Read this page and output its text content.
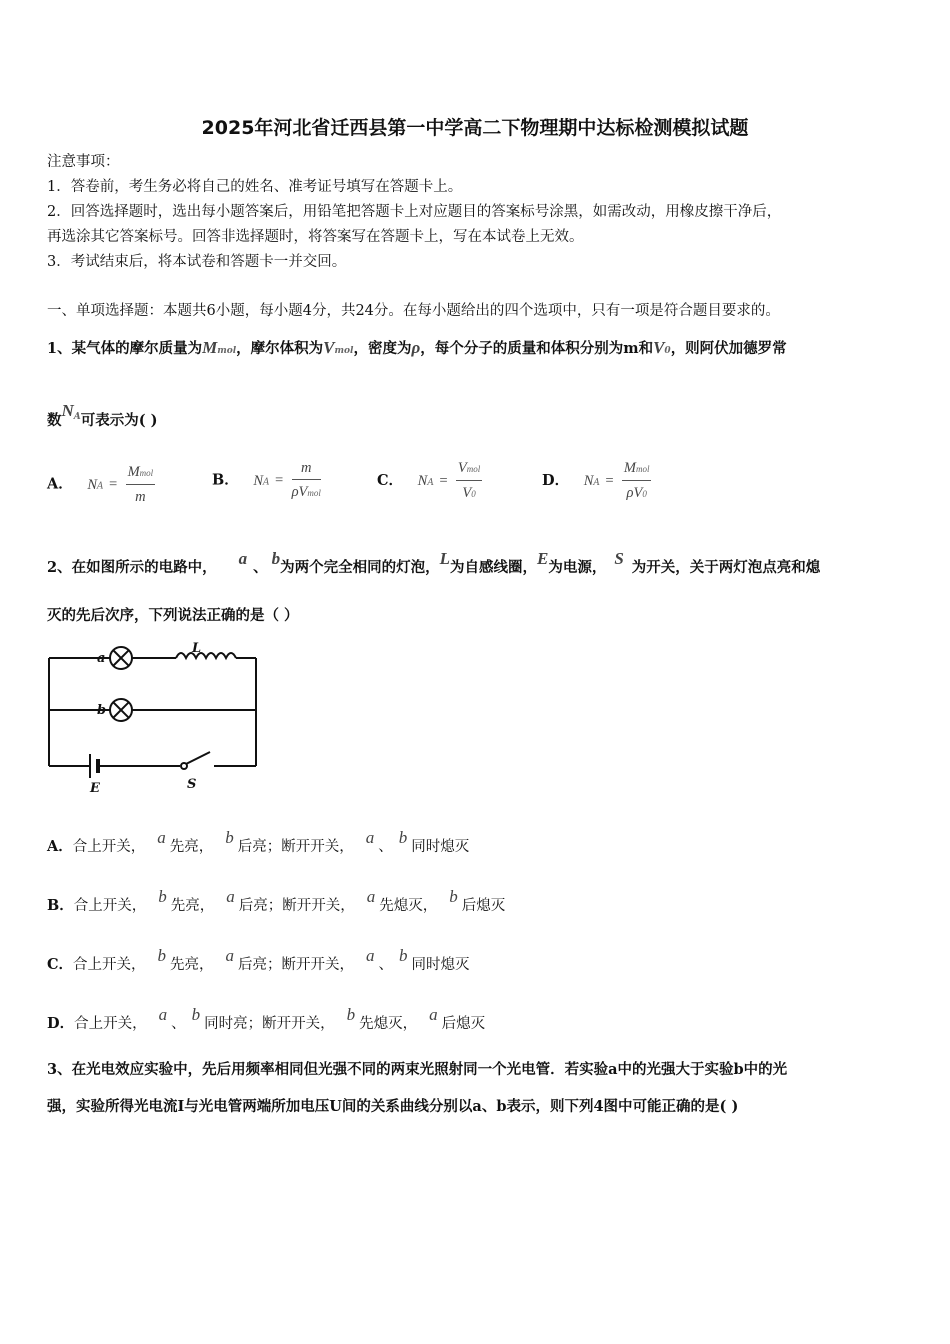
2025年河北省迁西县第一中学高二下物理期中达标检测模拟试题
注意事项：
1．答卷前，考生务必将自己的姓名、准考证号填写在答题卡上。
2．回答选择题时，选出每小题答案后，用铅笔把答题卡上对应题目的答案标号涂黑，如需改动，用橡皮擦干净后，
再选涂其它答案标号。回答非选择题时，将答案写在答题卡上，写在本试卷上无效。
3．考试结束后，将本试卷和答题卡一并交回。
一、单项选择题：本题共6小题，每小题4分，共24分。在每小题给出的四个选项中，只有一项是符合题目要求的。
1、某气体的摩尔质量为Mmol，摩尔体积为Vmol，密度为ρ，每个分子的质量和体积分别为m和V0，则阿伏加德罗常
数$N^A$可表示为( )
A． NA = $\frac{\text{Mmol}}{m}$	B． NA = $\frac{m}{\text{ρVmol}}$	C． NA = $\frac{\text{Vmol}}{V0}$	D． NA = $\frac{\text{Mmol}}{\rho V0}$
2、在如图所示的电路中， a 、 b为两个完全相同的灯泡，L为自感线圈，E为电源， S 为开关，关于两灯泡点亮和熄
灭的先后次序，下列说法正确的是（ ）
a
b
L
E	S
A．合上开关， a 先亮， b 后亮；断开开关， a 、 b 同时熄灭
B．合上开关， b 先亮， a 后亮；断开开关， a 先熄灭， b 后熄灭
C．合上开关， b 先亮， a 后亮；断开开关， a 、 b 同时熄灭
D．合上开关， a 、 b 同时亮；断开开关， b 先熄灭， a 后熄灭
3、在光电效应实验中，先后用频率相同但光强不同的两束光照射同一个光电管．若实验a中的光强大于实验b中的光
强，实验所得光电流I与光电管两端所加电压U间的关系曲线分别以a、b表示，则下列4图中可能正确的是( )
